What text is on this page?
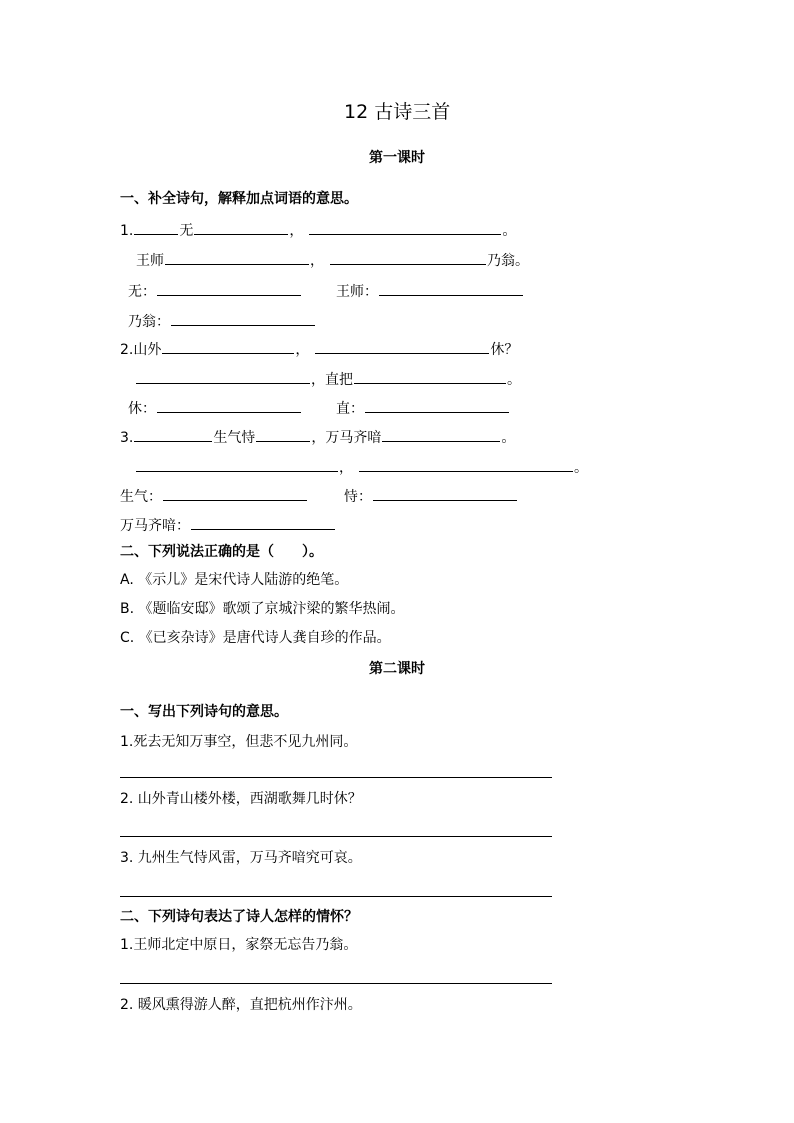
12 古诗三首
第一课时
一、补全诗句，解释加点词语的意思。
1.	无	，	。
王师	，	乃翁。
无：	王师：
乃翁：
2.山外	，	休？
，直把	。
休：	直：
3.	生气恃	，万马齐喑	。
，	。
生气：	恃：
万马齐喑：
二、下列说法正确的是（　　）。
A. 《示儿》是宋代诗人陆游的绝笔。
B. 《题临安邸》歌颂了京城汴梁的繁华热闹。
C. 《已亥杂诗》是唐代诗人龚自珍的作品。
第二课时
一、写出下列诗句的意思。
1.死去无知万事空，但悲不见九州同。
2. 山外青山楼外楼，西湖歌舞几时休？
3. 九州生气恃风雷，万马齐喑究可哀。
二、下列诗句表达了诗人怎样的情怀？
1.王师北定中原日，家祭无忘告乃翁。
2. 暖风熏得游人醉，直把杭州作汴州。
